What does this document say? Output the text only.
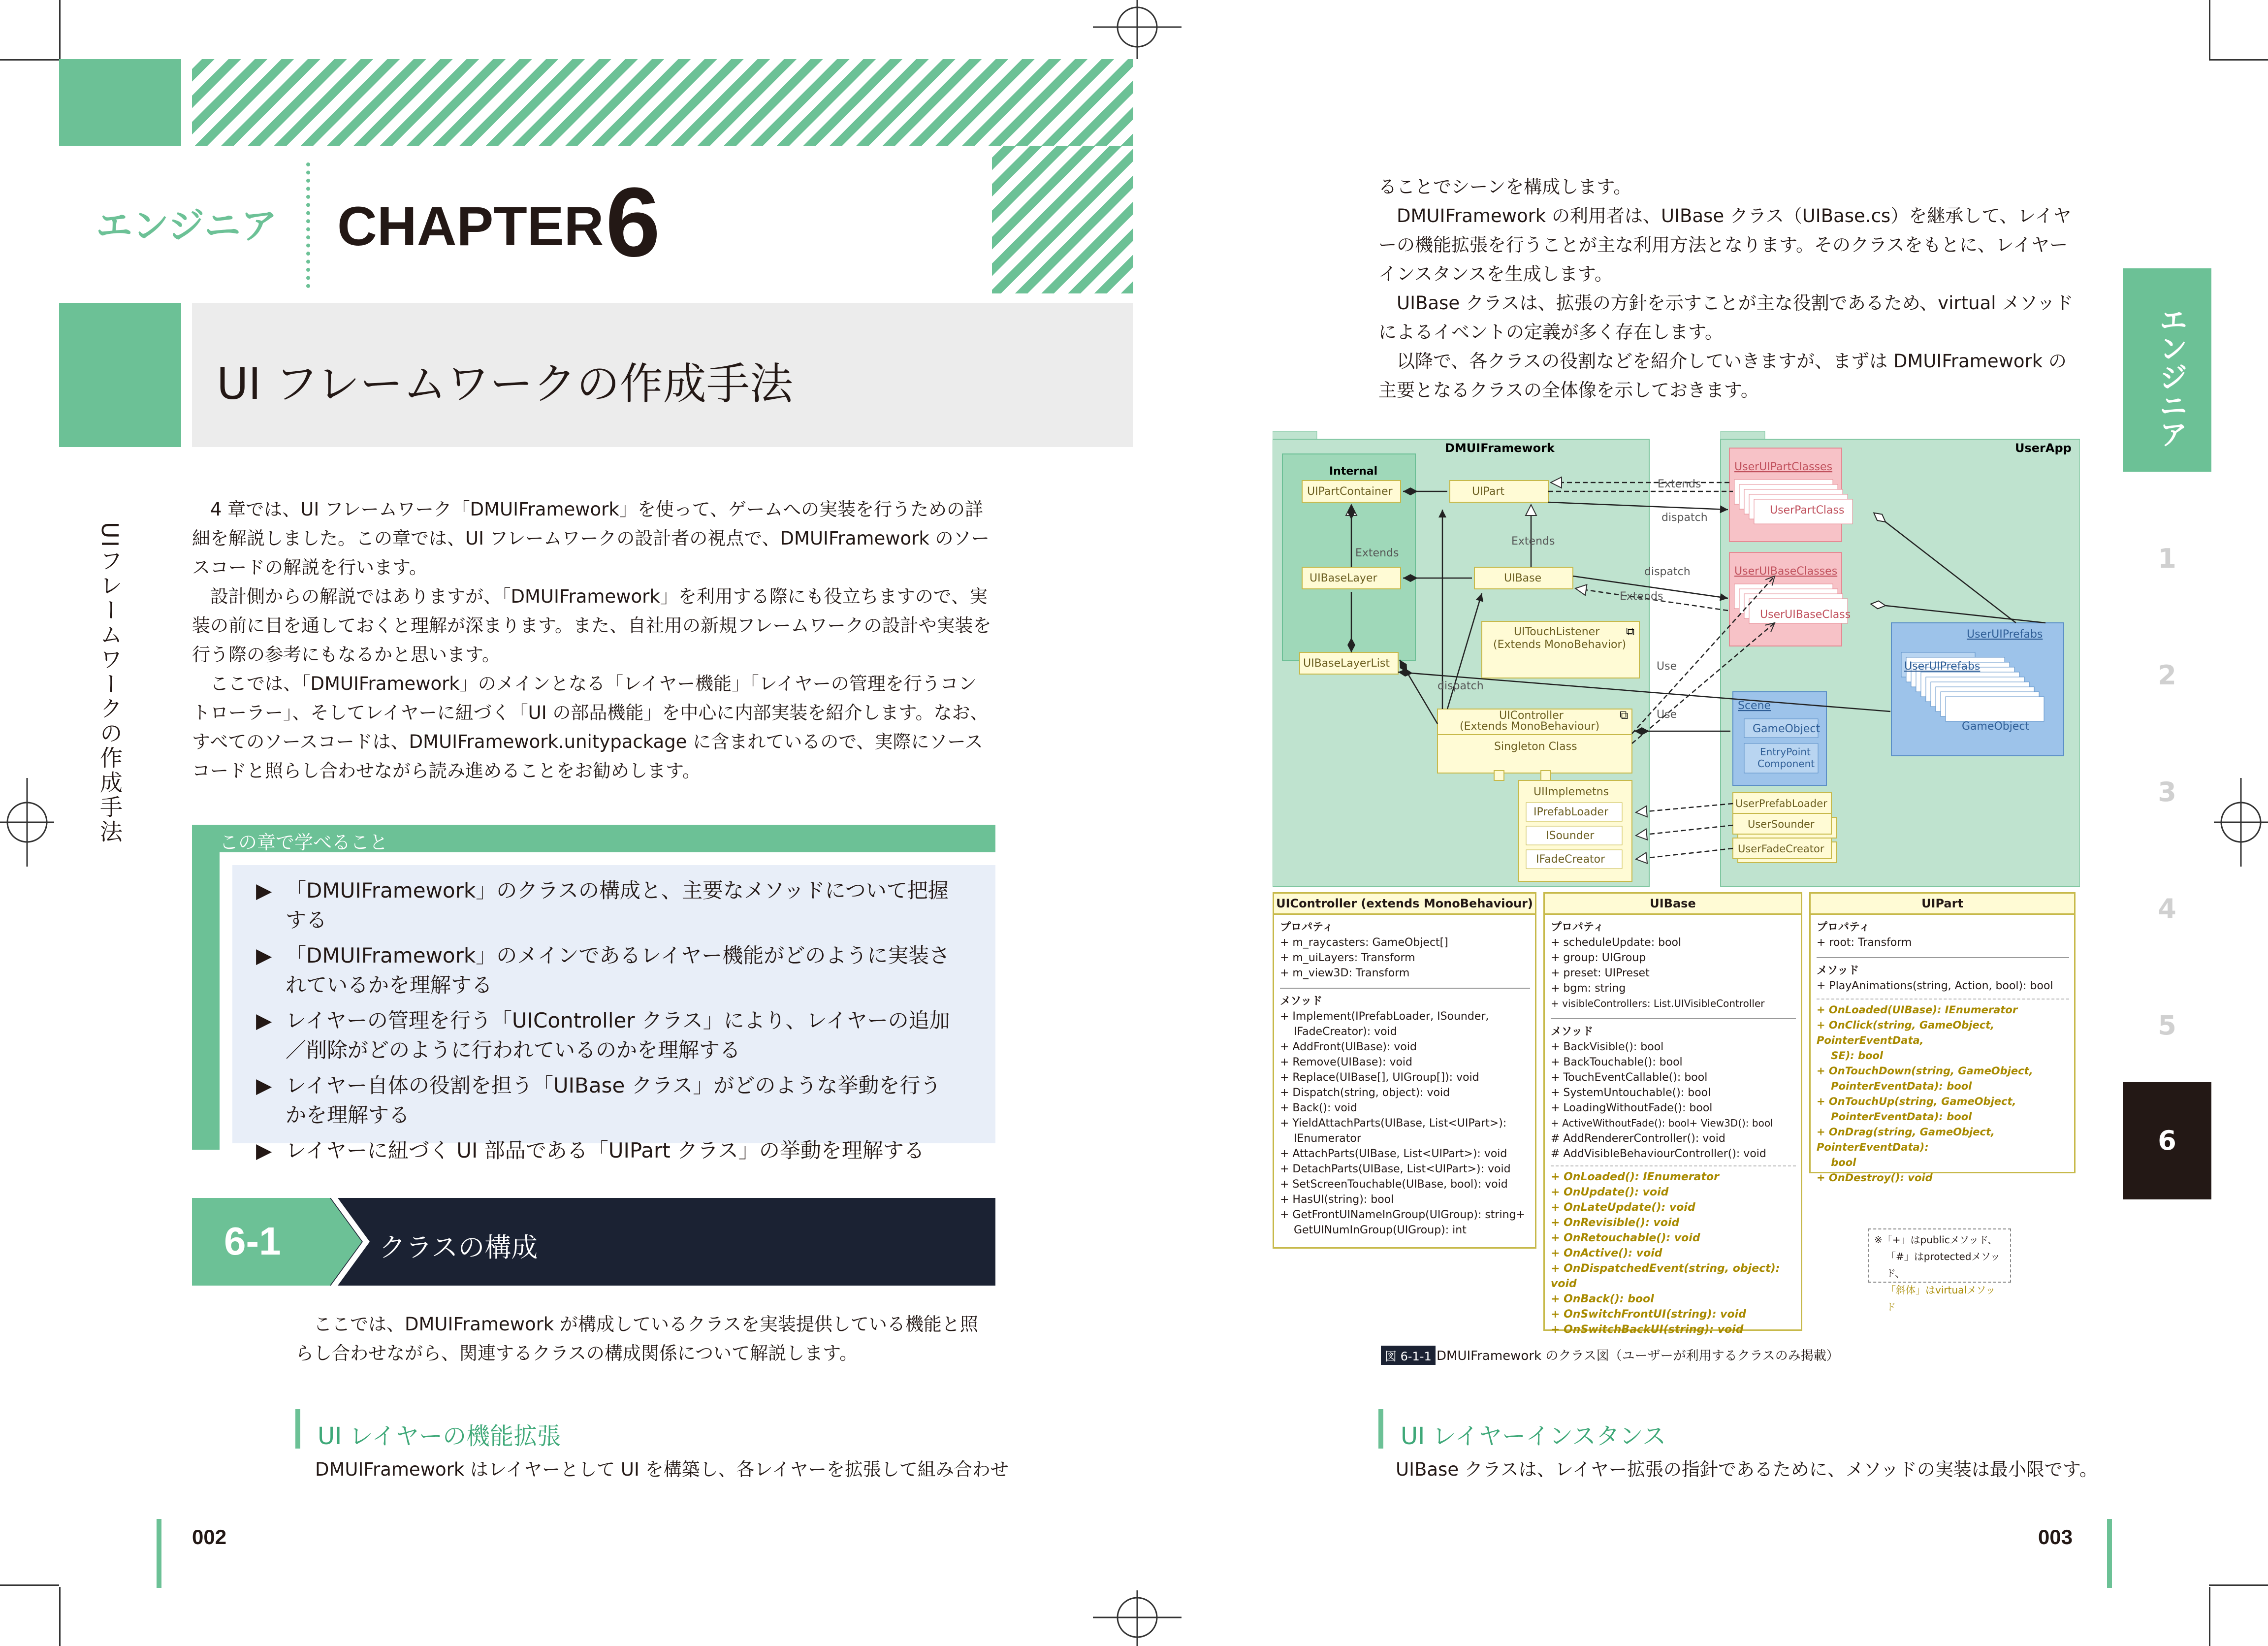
エンジニア CHAPTER 6
UI フレームワークの作成手法
UIフレームワークの作成手法

4 章では、UI フレームワーク「DMUIFramework」を使って、ゲームへの実装を行うための詳細を解説しました。この章では、UI フレームワークの設計者の視点で、DMUIFramework のソースコードの解説を行います。

設計側からの解説ではありますが、「DMUIFramework」を利用する際にも役立ちますので、実装の前に目を通しておくと理解が深まります。また、自社用の新規フレームワークの設計や実装を行う際の参考にもなるかと思います。

ここでは、「DMUIFramework」のメインとなる「レイヤー機能」「レイヤーの管理を行うコントローラー」、そしてレイヤーに紐づく「UI の部品機能」を中心に内部実装を紹介します。なお、すべてのソースコードは、DMUIFramework.unitypackage に含まれているので、実際にソースコードと照らし合わせながら読み進めることをお勧めします。

この章で学べること
▶ 「DMUIFramework」のクラスの構成と、主要なメソッドについて把握する
▶ 「DMUIFramework」のメインであるレイヤー機能がどのように実装されているかを理解する
▶ レイヤーの管理を行う「UIController クラス」により、レイヤーの追加／削除がどのように行われているのかを理解する
▶ レイヤー自体の役割を担う「UIBase クラス」がどのような挙動を行うかを理解する
▶ レイヤーに紐づく UI 部品である「UIPart クラス」の挙動を理解する
6-1	クラスの構成
ここでは、DMUIFramework が構成しているクラスを実装提供している機能と照らし合わせながら、関連するクラスの構成関係について解説します。
UI レイヤーの機能拡張
DMUIFramework はレイヤーとして UI を構築し、各レイヤーを拡張して組み合わせ
002

ることでシーンを構成します。

DMUIFramework の利用者は、UIBase クラス（UIBase.cs）を継承して、レイヤーの機能拡張を行うことが主な利用方法となります。そのクラスをもとに、レイヤーインスタンスを生成します。

UIBase クラスは、拡張の方針を示すことが主な役割であるため、virtual メソッドによるイベントの定義が多く存在します。

以降で、各クラスの役割などを紹介していきますが、まずは DMUIFramework の主要となるクラスの全体像を示しておきます。	エンジニア
1
2
3
4
5
6
DMUIFramework	UserApp
Internal
UIPartContainer	UIPart
UIBaseLayer	UIBase
UIBaseLayerList
UITouchListener
(Extends MonoBehavior)
⧉
UIController
(Extends MonoBehaviour)
⧉
Singleton Class
UIImplemetns
IPrefabLoader
ISounder
IFadeCreator
UserUIPartClasses
UserPartClass
UserUIBaseClasses
UserUIBaseClass
UserUIPrefabs
UserUIPrefabs
GameObject
Scene
GameObject
EntryPoint
Component
UserPrefabLoader
UserSounder
UserFadeCreator
Extends
dispatch
Extends
Extends
dispatch
Extends
dispatch
Use
Use
UIController (extends MonoBehaviour)
プロパティ
+ m_raycasters: GameObject[]
+ m_uiLayers: Transform
+ m_view3D: Transform
メソッド
+ Implement(IPrefabLoader, ISounder,
IFadeCreator): void
+ AddFront(UIBase): void
+ Remove(UIBase): void
+ Replace(UIBase[], UIGroup[]): void
+ Dispatch(string, object): void
+ Back(): void
+ YieldAttachParts(UIBase, List<UIPart>):
IEnumerator
+ AttachParts(UIBase, List<UIPart>): void
+ DetachParts(UIBase, List<UIPart>): void
+ SetScreenTouchable(UIBase, bool): void
+ HasUI(string): bool
+ GetFrontUINameInGroup(UIGroup): string+
GetUINumInGroup(UIGroup): int
UIBase
プロパティ
+ scheduleUpdate: bool
+ group: UIGroup
+ preset: UIPreset
+ bgm: string
+ visibleControllers: List.UIVisibleController
メソッド
+ BackVisible(): bool
+ BackTouchable(): bool
+ TouchEventCallable(): bool
+ SystemUntouchable(): bool
+ LoadingWithoutFade(): bool
+ ActiveWithoutFade(): bool+ View3D(): bool
# AddRendererController(): void
# AddVisibleBehaviourController(): void
+ OnLoaded(): IEnumerator
+ OnUpdate(): void
+ OnLateUpdate(): void
+ OnRevisible(): void
+ OnRetouchable(): void
+ OnActive(): void
+ OnDispatchedEvent(string, object): void
+ OnBack(): bool
+ OnSwitchFrontUI(string): void
+ OnSwitchBackUI(string): void
UIPart
プロパティ
+ root: Transform
メソッド
+ PlayAnimations(string, Action, bool): bool
+ OnLoaded(UIBase): IEnumerator
+ OnClick(string, GameObject, PointerEventData,
SE): bool
+ OnTouchDown(string, GameObject,
PointerEventData): bool
+ OnTouchUp(string, GameObject,
PointerEventData): bool
+ OnDrag(string, GameObject, PointerEventData):
bool
+ OnDestroy(): void
※「+」はpublicメソッド、
「#」はprotectedメソッド、
「斜体」はvirtualメソッド
図 6-1-1 DMUIFramework のクラス図（ユーザーが利用するクラスのみ掲載）
UI レイヤーインスタンス
UIBase クラスは、レイヤー拡張の指針であるために、メソッドの実装は最小限です。
003
